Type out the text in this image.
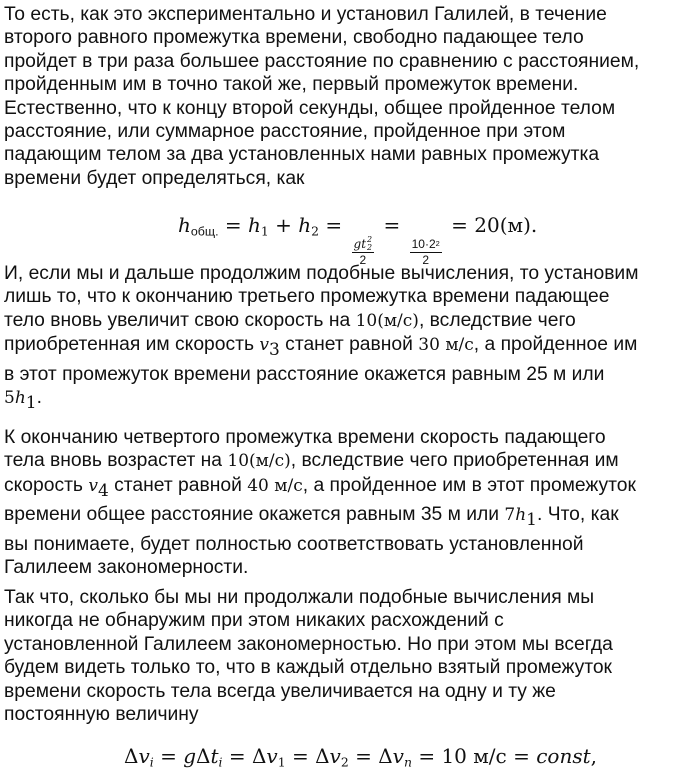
То есть, как это экспериментально и установил Галилей, в течение
второго равного промежутка времени, свободно падающее тело
пройдет в три раза большее расстояние по сравнению с расстоянием,
пройденным им в точно такой же, первый промежуток времени.
Естественно, что к концу второй секунды, общее пройденное телом
расстояние, или суммарное расстояние, пройденное при этом
падающим телом за два установленных нами равных промежутка
времени будет определяться, как
$h_{общ.} = h_1 + h_2$ =
gt 2
2
2
=
$\frac{10\cdot 2 2}{2}$
= 20(м).
И, если мы и дальше продолжим подобные вычисления, то установим
лишь то, что к окончанию третьего промежутка времени падающее
тело вновь увеличит свою скорость на 10(м/с), вследствие чего
приобретенная им скорость $v_3$ станет равной 30 м/с, а пройденное им
в этот промежуток времени расстояние окажется равным 25 м или
$5h_1$.
К окончанию четвертого промежутка времени скорость падающего
тела вновь возрастет на 10(м/с), вследствие чего приобретенная им
скорость $v_4$ станет равной 40 м/с, а пройденное им в этот промежуток
времени общее расстояние окажется равным 35 м или $7h_1$. Что, как
вы понимаете, будет полностью соответствовать установленной
Галилеем закономерности.
Так что, сколько бы мы ни продолжали подобные вычисления мы
никогда не обнаружим при этом никаких расхождений с
установленной Галилеем закономерностью. Но при этом мы всегда
будем видеть только то, что в каждый отдельно взятый промежуток
времени скорость тела всегда увеличивается на одну и ту же
постоянную величину
$\Delta v_i = g\Delta t_i = \Delta v_1 = \Delta v_2 = \Delta v_n = 10$ м/с = const,
